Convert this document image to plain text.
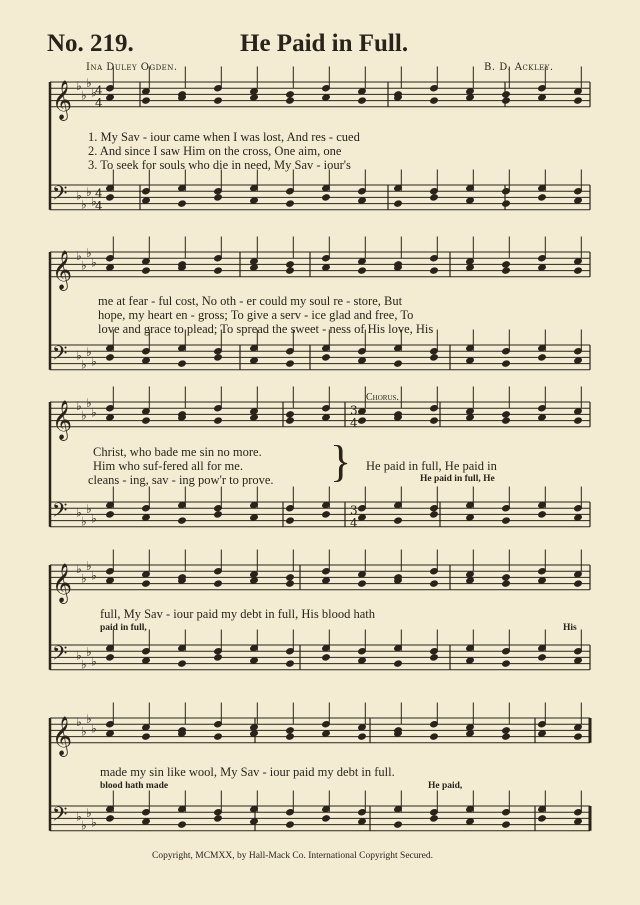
No. 219.	He Paid in Full.
Ina Duley Ogden.	B. D. Ackley.
𝄞 ♭
♭
♭
♭
𝄢 ♭
♭
♭
♭
𝄞 ♭
♭
♭
♭
𝄢 ♭
♭
♭
♭
𝄞 ♭
♭
♭
♭
𝄢 ♭
♭
♭
♭
𝄞 ♭
♭
♭
♭
𝄢 ♭
♭
♭
♭
𝄞 ♭
♭
♭
♭
𝄢 ♭
♭
♭
♭
4
4
4
4
3
4
3
4
1. My Sav - iour came when I was lost, And res - cued
2. And since I saw Him on the cross, One aim, one
3. To seek for souls who die in need, My Sav - iour's
me at fear - ful cost, No oth - er could my soul re - store, But
hope, my heart en - gross; To give a serv - ice glad and free, To
love and grace to plead; To spread the sweet - ness of His love, His
Christ, who bade me sin no more.
Him who suf-fered all for me.
cleans - ing, sav - ing pow'r to prove. }
Chorus.
He paid in full, He paid in
He paid in full, He
full, My Sav - iour paid my debt in full, His blood hath
paid in full,	His
made my sin like wool, My Sav - iour paid my debt in full.
blood hath made	He paid,
Copyright, MCMXX, by Hall-Mack Co. International Copyright Secured.
